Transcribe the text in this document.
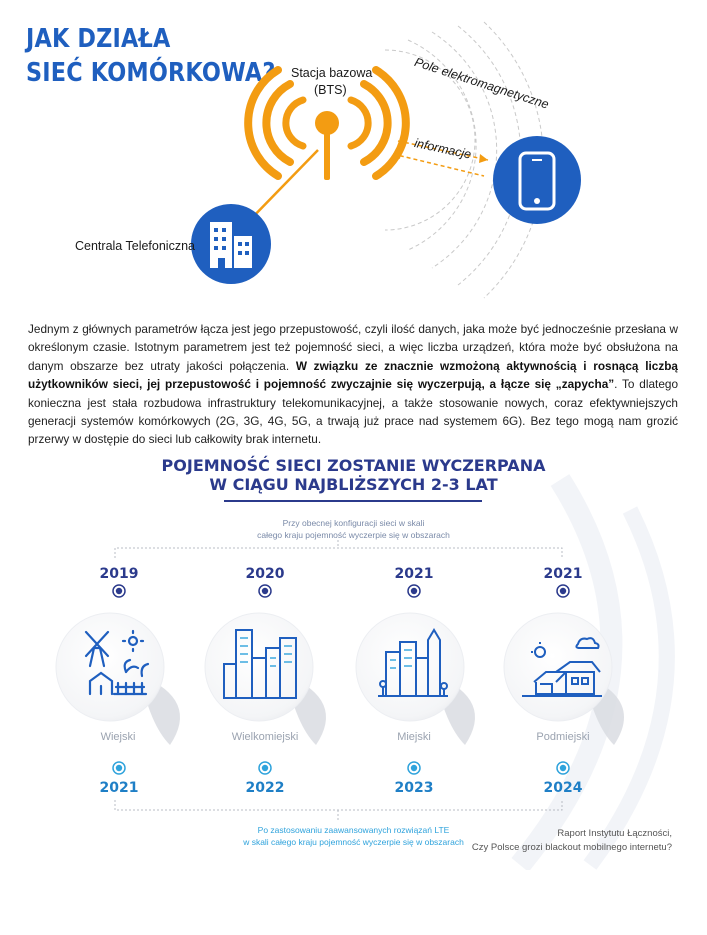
JAK DZIAŁA
SIEĆ KOMÓRKOWA? Stacja bazowa
(BTS)	Pole elektromagnetyczne
informacje
Centrala Telefoniczna
Jednym z głównych parametrów łącza jest jego przepustowość, czyli ilość danych, jaka może być jednocześnie przesłana w określonym czasie. Istotnym parametrem jest też pojemność sieci, a więc liczba urządzeń, która może być obsłużona na danym obszarze bez utraty jakości połączenia. W związku ze znacznie wzmożoną aktywnością i rosnącą liczbą użytkowników sieci, jej przepustowość i pojemność zwyczajnie się wyczerpują, a łącze się „zapycha”. To dlatego konieczna jest stała rozbudowa infrastruktury telekomunikacyjnej, a także stosowanie nowych, coraz efektywniejszych generacji systemów komórkowych (2G, 3G, 4G, 5G, a trwają już prace nad systemem 6G). Bez tego mogą nam grozić przerwy w dostępie do sieci lub całkowity brak internetu.
POJEMNOŚĆ SIECI ZOSTANIE WYCZERPANA
W CIĄGU NAJBLIŻSZYCH 2-3 LAT
Przy obecnej konfiguracji sieci w skali
całego kraju pojemność wyczerpie się w obszarach
2019	2020	2021	2021
Wiejski	Wielkomiejski	Miejski	Podmiejski
2021	2022	2023	2024
Po zastosowaniu zaawansowanych rozwiązań LTE
w skali całego kraju pojemność wyczerpie się w obszarach
Raport Instytutu Łączności,
Czy Polsce grozi blackout mobilnego internetu?
